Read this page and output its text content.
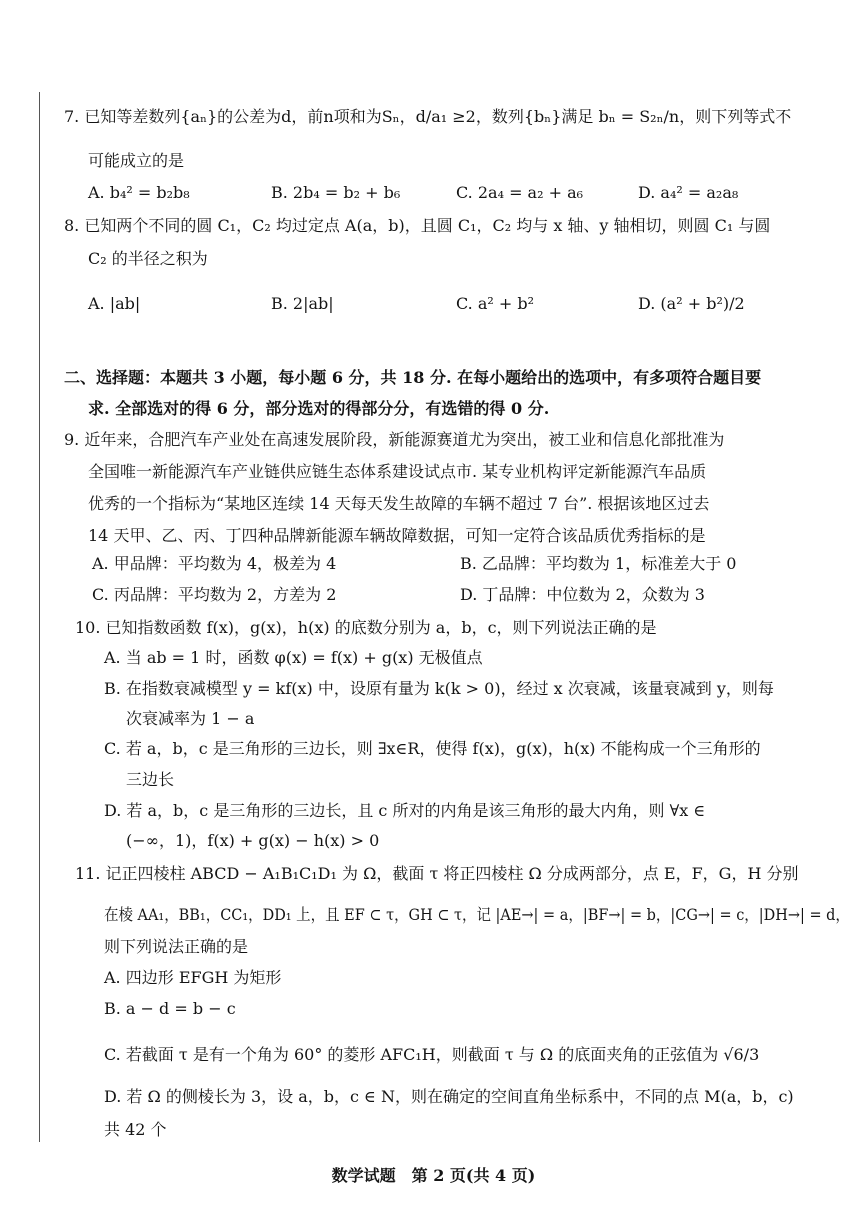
7. 已知等差数列{aₙ}的公差为d，前n项和为Sₙ，d/a₁ ≥2，数列{bₙ}满足 bₙ = S₂ₙ/n，则下列等式不
可能成立的是
A. b₄² = b₂b₈	B. 2b₄ = b₂ + b₆	C. 2a₄ = a₂ + a₆	D. a₄² = a₂a₈
8. 已知两个不同的圆 C₁，C₂ 均过定点 A(a，b)，且圆 C₁，C₂ 均与 x 轴、y 轴相切，则圆 C₁ 与圆
C₂ 的半径之积为
A. |ab|	B. 2|ab|	C. a² + b²	D. (a² + b²)/2
二、选择题：本题共 3 小题，每小题 6 分，共 18 分. 在每小题给出的选项中，有多项符合题目要
求. 全部选对的得 6 分，部分选对的得部分分，有选错的得 0 分.
9. 近年来，合肥汽车产业处在高速发展阶段，新能源赛道尤为突出，被工业和信息化部批准为
全国唯一新能源汽车产业链供应链生态体系建设试点市. 某专业机构评定新能源汽车品质
优秀的一个指标为“某地区连续 14 天每天发生故障的车辆不超过 7 台”. 根据该地区过去
14 天甲、乙、丙、丁四种品牌新能源车辆故障数据，可知一定符合该品质优秀指标的是
A. 甲品牌：平均数为 4，极差为 4	B. 乙品牌：平均数为 1，标准差大于 0
C. 丙品牌：平均数为 2，方差为 2	D. 丁品牌：中位数为 2，众数为 3
10. 已知指数函数 f(x)，g(x)，h(x) 的底数分别为 a，b，c，则下列说法正确的是
A. 当 ab = 1 时，函数 φ(x) = f(x) + g(x) 无极值点
B. 在指数衰减模型 y = kf(x) 中，设原有量为 k(k > 0)，经过 x 次衰减，该量衰减到 y，则每
次衰减率为 1 − a
C. 若 a，b，c 是三角形的三边长，则 ∃x∈R，使得 f(x)，g(x)，h(x) 不能构成一个三角形的
三边长
D. 若 a，b，c 是三角形的三边长，且 c 所对的内角是该三角形的最大内角，则 ∀x ∈
(−∞，1)，f(x) + g(x) − h(x) > 0
11. 记正四棱柱 ABCD − A₁B₁C₁D₁ 为 Ω，截面 τ 将正四棱柱 Ω 分成两部分，点 E，F，G，H 分别
在棱 AA₁，BB₁，CC₁，DD₁ 上，且 EF ⊂ τ，GH ⊂ τ，记 |AE→| = a，|BF→| = b，|CG→| = c，|DH→| = d，
则下列说法正确的是
A. 四边形 EFGH 为矩形
B. a − d = b − c
C. 若截面 τ 是有一个角为 60° 的菱形 AFC₁H，则截面 τ 与 Ω 的底面夹角的正弦值为 √6/3
D. 若 Ω 的侧棱长为 3，设 a，b，c ∈ N，则在确定的空间直角坐标系中，不同的点 M(a，b，c)
共 42 个
数学试题　第 2 页(共 4 页)
